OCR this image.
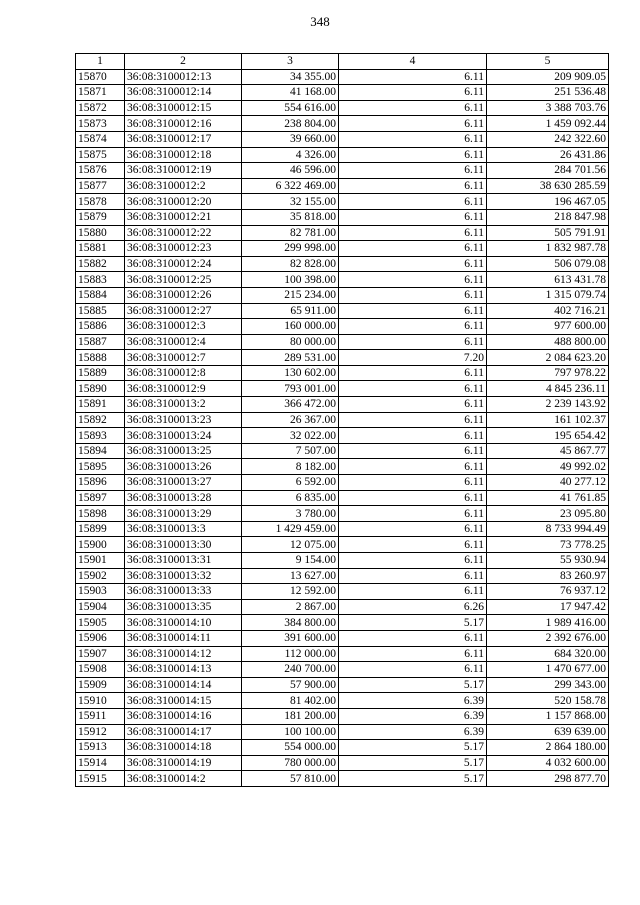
348
1	2	3	4	5
15870	36:08:3100012:13	34 355.00	6.11	209 909.05
15871	36:08:3100012:14	41 168.00	6.11	251 536.48
15872	36:08:3100012:15	554 616.00	6.11	3 388 703.76
15873	36:08:3100012:16	238 804.00	6.11	1 459 092.44
15874	36:08:3100012:17	39 660.00	6.11	242 322.60
15875	36:08:3100012:18	4 326.00	6.11	26 431.86
15876	36:08:3100012:19	46 596.00	6.11	284 701.56
15877	36:08:3100012:2	6 322 469.00	6.11	38 630 285.59
15878	36:08:3100012:20	32 155.00	6.11	196 467.05
15879	36:08:3100012:21	35 818.00	6.11	218 847.98
15880	36:08:3100012:22	82 781.00	6.11	505 791.91
15881	36:08:3100012:23	299 998.00	6.11	1 832 987.78
15882	36:08:3100012:24	82 828.00	6.11	506 079.08
15883	36:08:3100012:25	100 398.00	6.11	613 431.78
15884	36:08:3100012:26	215 234.00	6.11	1 315 079.74
15885	36:08:3100012:27	65 911.00	6.11	402 716.21
15886	36:08:3100012:3	160 000.00	6.11	977 600.00
15887	36:08:3100012:4	80 000.00	6.11	488 800.00
15888	36:08:3100012:7	289 531.00	7.20	2 084 623.20
15889	36:08:3100012:8	130 602.00	6.11	797 978.22
15890	36:08:3100012:9	793 001.00	6.11	4 845 236.11
15891	36:08:3100013:2	366 472.00	6.11	2 239 143.92
15892	36:08:3100013:23	26 367.00	6.11	161 102.37
15893	36:08:3100013:24	32 022.00	6.11	195 654.42
15894	36:08:3100013:25	7 507.00	6.11	45 867.77
15895	36:08:3100013:26	8 182.00	6.11	49 992.02
15896	36:08:3100013:27	6 592.00	6.11	40 277.12
15897	36:08:3100013:28	6 835.00	6.11	41 761.85
15898	36:08:3100013:29	3 780.00	6.11	23 095.80
15899	36:08:3100013:3	1 429 459.00	6.11	8 733 994.49
15900	36:08:3100013:30	12 075.00	6.11	73 778.25
15901	36:08:3100013:31	9 154.00	6.11	55 930.94
15902	36:08:3100013:32	13 627.00	6.11	83 260.97
15903	36:08:3100013:33	12 592.00	6.11	76 937.12
15904	36:08:3100013:35	2 867.00	6.26	17 947.42
15905	36:08:3100014:10	384 800.00	5.17	1 989 416.00
15906	36:08:3100014:11	391 600.00	6.11	2 392 676.00
15907	36:08:3100014:12	112 000.00	6.11	684 320.00
15908	36:08:3100014:13	240 700.00	6.11	1 470 677.00
15909	36:08:3100014:14	57 900.00	5.17	299 343.00
15910	36:08:3100014:15	81 402.00	6.39	520 158.78
15911	36:08:3100014:16	181 200.00	6.39	1 157 868.00
15912	36:08:3100014:17	100 100.00	6.39	639 639.00
15913	36:08:3100014:18	554 000.00	5.17	2 864 180.00
15914	36:08:3100014:19	780 000.00	5.17	4 032 600.00
15915	36:08:3100014:2	57 810.00	5.17	298 877.70
